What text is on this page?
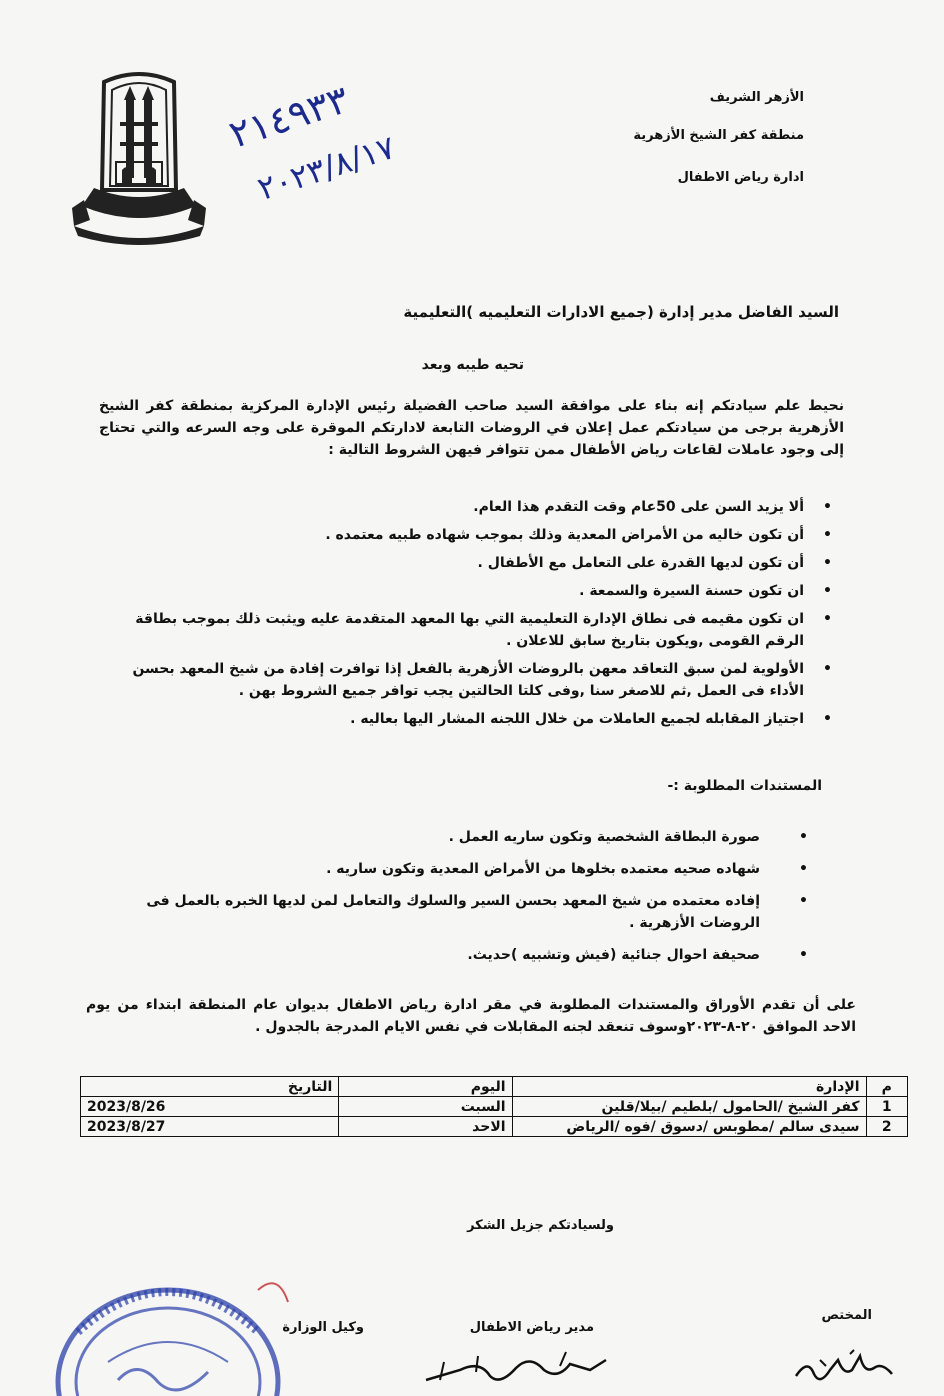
الأزهر الشريف
منطقة كفر الشيخ الأزهرية
ادارة رياض الاطفال
٢١٤٩٣٣
٢٠٢٣/٨/١٧
السيد الفاضل مدير إدارة (جميع الادارات التعليميه )التعليمية
تحيه طيبه وبعد
نحيط علم سيادتكم إنه بناء على موافقة السيد صاحب الفضيلة رئيس الإدارة المركزية بمنطقة كفر الشيخ الأزهرية برجى من سيادتكم عمل إعلان في الروضات التابعة لادارتكم الموقرة على وجه السرعه والتي تحتاج إلى وجود عاملات لقاعات رياض الأطفال ممن تتوافر فيهن الشروط التالية :
• ألا يزيد السن على 50عام وقت التقدم هذا العام.
• أن تكون خاليه من الأمراض المعدية وذلك بموجب شهاده طبيه معتمده .
• أن تكون لديها القدرة على التعامل مع الأطفال .
• ان تكون حسنة السيرة والسمعة .
• ان تكون مقيمه فى نطاق الإدارة التعليمية التي بها المعهد المتقدمة عليه ويثبت ذلك بموجب بطاقة الرقم القومى ,ويكون بتاريخ سابق للاعلان .
• الأولوية لمن سبق التعاقد معهن بالروضات الأزهرية بالفعل إذا توافرت إفادة من شيخ المعهد بحسن الأداء فى العمل ,ثم للاصغر سنا ,وفى كلتا الحالتين يجب توافر جميع الشروط بهن .
• اجتياز المقابله لجميع العاملات من خلال اللجنه المشار اليها بعاليه .
المستندات المطلوبة :-
• صورة البطاقة الشخصية وتكون ساريه العمل .
• شهاده صحيه معتمده بخلوها من الأمراض المعدية وتكون ساريه .
• إفاده معتمده من شيخ المعهد بحسن السير والسلوك والتعامل لمن لديها الخبره بالعمل فى الروضات الأزهرية .
• صحيفة احوال جنائية (فيش وتشبيه )حديث.
على أن تقدم الأوراق والمستندات المطلوبة في مقر ادارة رياض الاطفال بديوان عام المنطقة ابتداء من يوم الاحد الموافق ٢٠-٨-٢٠٢٣وسوف تنعقد لجنه المقابلات في نفس الايام المدرجة بالجدول .
م	الإدارة	اليوم	التاريخ
1	كفر الشيخ /الحامول /بلطيم /بيلا/قلين	السبت	2023/8/26
2	سيدى سالم /مطوبس /دسوق /فوه /الرياض	الاحد	2023/8/27
ولسيادتكم جزيل الشكر
المختص
مدير رياض الاطفال
وكيل الوزارة
